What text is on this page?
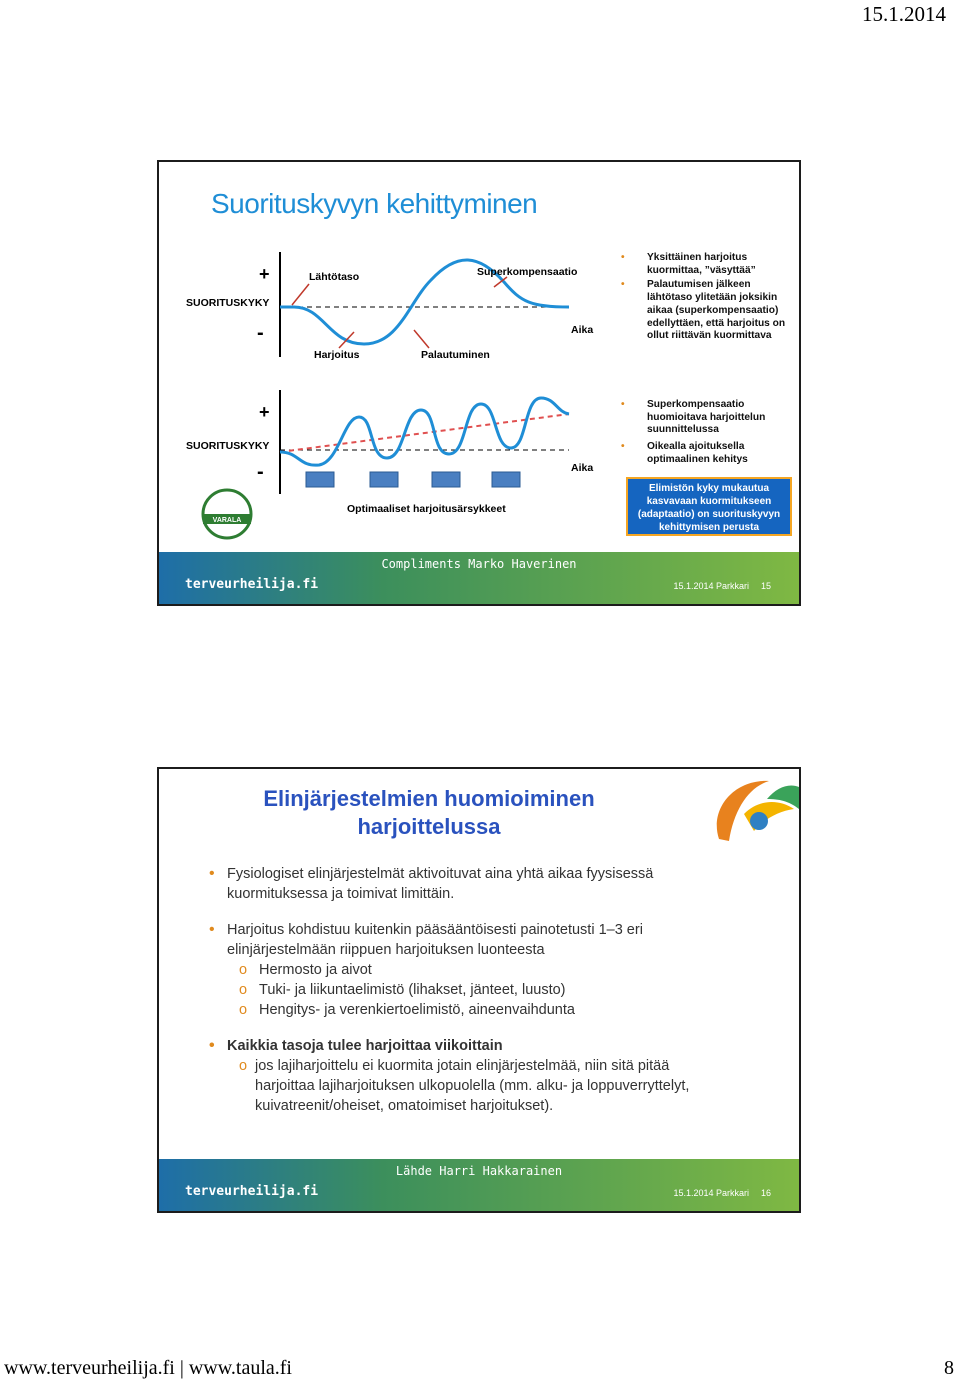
15.1.2014
Suorituskyvyn kehittyminen
+
-
SUORITUSKYKY
Lähtötaso	Superkompensaatio
Aika
Harjoitus	Palautuminen
+
-
SUORITUSKYKY
Aika
Optimaaliset harjoitusärsykkeet
VARALA
• Yksittäinen harjoitus
kuormittaa, ”väsyttää”
• Palautumisen jälkeen
lähtötaso ylitetään joksikin
aikaa (superkompensaatio)
edellyttäen, että harjoitus on
ollut riittävän kuormittava
• Superkompensaatio
huomioitava harjoittelun
suunnittelussa
• Oikealla ajoituksella
optimaalinen kehitys
Elimistön kyky mukautua
kasvavaan kuormitukseen
(adaptaatio) on suorituskyvyn
kehittymisen perusta
Compliments Marko Haverinen
terveurheilija.fi	15.1.2014 Parkkari 15
Elinjärjestelmien huomioiminen
harjoittelussa
• Fysiologiset elinjärjestelmät aktivoituvat aina yhtä aikaa fyysisessä
kuormituksessa ja toimivat limittäin.
• Harjoitus kohdistuu kuitenkin pääsääntöisesti painotetusti 1–3 eri
elinjärjestelmään riippuen harjoituksen luonteesta
o Hermosto ja aivot
o Tuki- ja liikuntaelimistö (lihakset, jänteet, luusto)
o Hengitys- ja verenkiertoelimistö, aineenvaihdunta
• Kaikkia tasoja tulee harjoittaa viikoittain
o jos lajiharjoittelu ei kuormita jotain elinjärjestelmää, niin sitä pitää
harjoittaa lajiharjoituksen ulkopuolella (mm. alku- ja loppuverryttelyt,
kuivatreenit/oheiset, omatoimiset harjoitukset).
Lähde Harri Hakkarainen
terveurheilija.fi	15.1.2014 Parkkari 16
www.terveurheilija.fi | www.taula.fi	8
